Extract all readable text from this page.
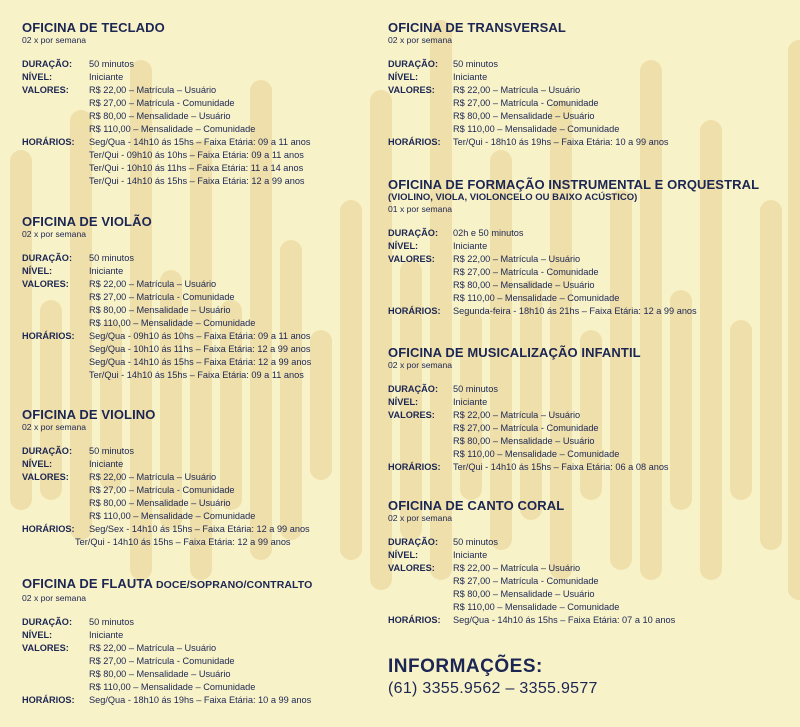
OFICINA DE TECLADO
02 x por semana
DURAÇÃO:	50 minutos
NÍVEL:	Iniciante
VALORES:	R$ 22,00 – Matrícula – Usuário
R$ 27,00 – Matrícula - Comunidade
R$ 80,00 – Mensalidade – Usuário
R$ 110,00 – Mensalidade – Comunidade
HORÁRIOS:	Seg/Qua - 14h10 ás 15hs – Faixa Etária: 09 a 11 anos
Ter/Qui - 09h10 ás 10hs – Faixa Etária: 09 a 11 anos
Ter/Qui - 10h10 ás 11hs – Faixa Etária: 11 a 14 anos
Ter/Qui - 14h10 ás 15hs – Faixa Etária: 12 a 99 anos
OFICINA DE VIOLÃO
02 x por semana
DURAÇÃO:	50 minutos
NÍVEL:	Iniciante
VALORES:	R$ 22,00 – Matrícula – Usuário
R$ 27,00 – Matrícula - Comunidade
R$ 80,00 – Mensalidade – Usuário
R$ 110,00 – Mensalidade – Comunidade
HORÁRIOS:	Seg/Qua - 09h10 ás 10hs – Faixa Etária: 09 a 11 anos
Seg/Qua - 10h10 ás 11hs – Faixa Etária: 12 a 99 anos
Seg/Qua - 14h10 ás 15hs – Faixa Etária: 12 a 99 anos
Ter/Qui - 14h10 ás 15hs – Faixa Etária: 09 a 11 anos
OFICINA DE VIOLINO
02 x por semana
DURAÇÃO:	50 minutos
NÍVEL:	Iniciante
VALORES:	R$ 22,00 – Matrícula – Usuário
R$ 27,00 – Matrícula - Comunidade
R$ 80,00 – Mensalidade – Usuário
R$ 110,00 – Mensalidade – Comunidade
HORÁRIOS:	Seg/Sex - 14h10 ás 15hs – Faixa Etária: 12 a 99 anos
Ter/Qui - 14h10 ás 15hs – Faixa Etária: 12 a 99 anos
OFICINA DE FLAUTA DOCE/SOPRANO/CONTRALTO
02 x por semana
DURAÇÃO:	50 minutos
NÍVEL:	Iniciante
VALORES:	R$ 22,00 – Matrícula – Usuário
R$ 27,00 – Matrícula - Comunidade
R$ 80,00 – Mensalidade – Usuário
R$ 110,00 – Mensalidade – Comunidade
HORÁRIOS:	Seg/Qua - 18h10 ás 19hs – Faixa Etária: 10 a 99 anos
OFICINA DE TRANSVERSAL
02 x por semana
DURAÇÃO:	50 minutos
NÍVEL:	Iniciante
VALORES:	R$ 22,00 – Matrícula – Usuário
R$ 27,00 – Matrícula - Comunidade
R$ 80,00 – Mensalidade – Usuário
R$ 110,00 – Mensalidade – Comunidade
HORÁRIOS:	Ter/Qui - 18h10 ás 19hs – Faixa Etária: 10 a 99 anos
OFICINA DE FORMAÇÃO INSTRUMENTAL E ORQUESTRAL
(VIOLINO, VIOLA, VIOLONCELO OU BAIXO ACÚSTICO)
01 x por semana
DURAÇÃO:	02h e 50 minutos
NÍVEL:	Iniciante
VALORES:	R$ 22,00 – Matrícula – Usuário
R$ 27,00 – Matrícula - Comunidade
R$ 80,00 – Mensalidade – Usuário
R$ 110,00 – Mensalidade – Comunidade
HORÁRIOS:	Segunda-feira - 18h10 ás 21hs – Faixa Etária: 12 a 99 anos
OFICINA DE MUSICALIZAÇÃO INFANTIL
02 x por semana
DURAÇÃO:	50 minutos
NÍVEL:	Iniciante
VALORES:	R$ 22,00 – Matrícula – Usuário
R$ 27,00 – Matrícula - Comunidade
R$ 80,00 – Mensalidade – Usuário
R$ 110,00 – Mensalidade – Comunidade
HORÁRIOS:	Ter/Qui - 14h10 ás 15hs – Faixa Etária: 06 a 08 anos
OFICINA DE CANTO CORAL
02 x por semana
DURAÇÃO:	50 minutos
NÍVEL:	Iniciante
VALORES:	R$ 22,00 – Matrícula – Usuário
R$ 27,00 – Matrícula - Comunidade
R$ 80,00 – Mensalidade – Usuário
R$ 110,00 – Mensalidade – Comunidade
HORÁRIOS:	Seg/Qua - 14h10 ás 15hs – Faixa Etária: 07 a 10 anos
INFORMAÇÕES:
(61) 3355.9562 – 3355.9577
